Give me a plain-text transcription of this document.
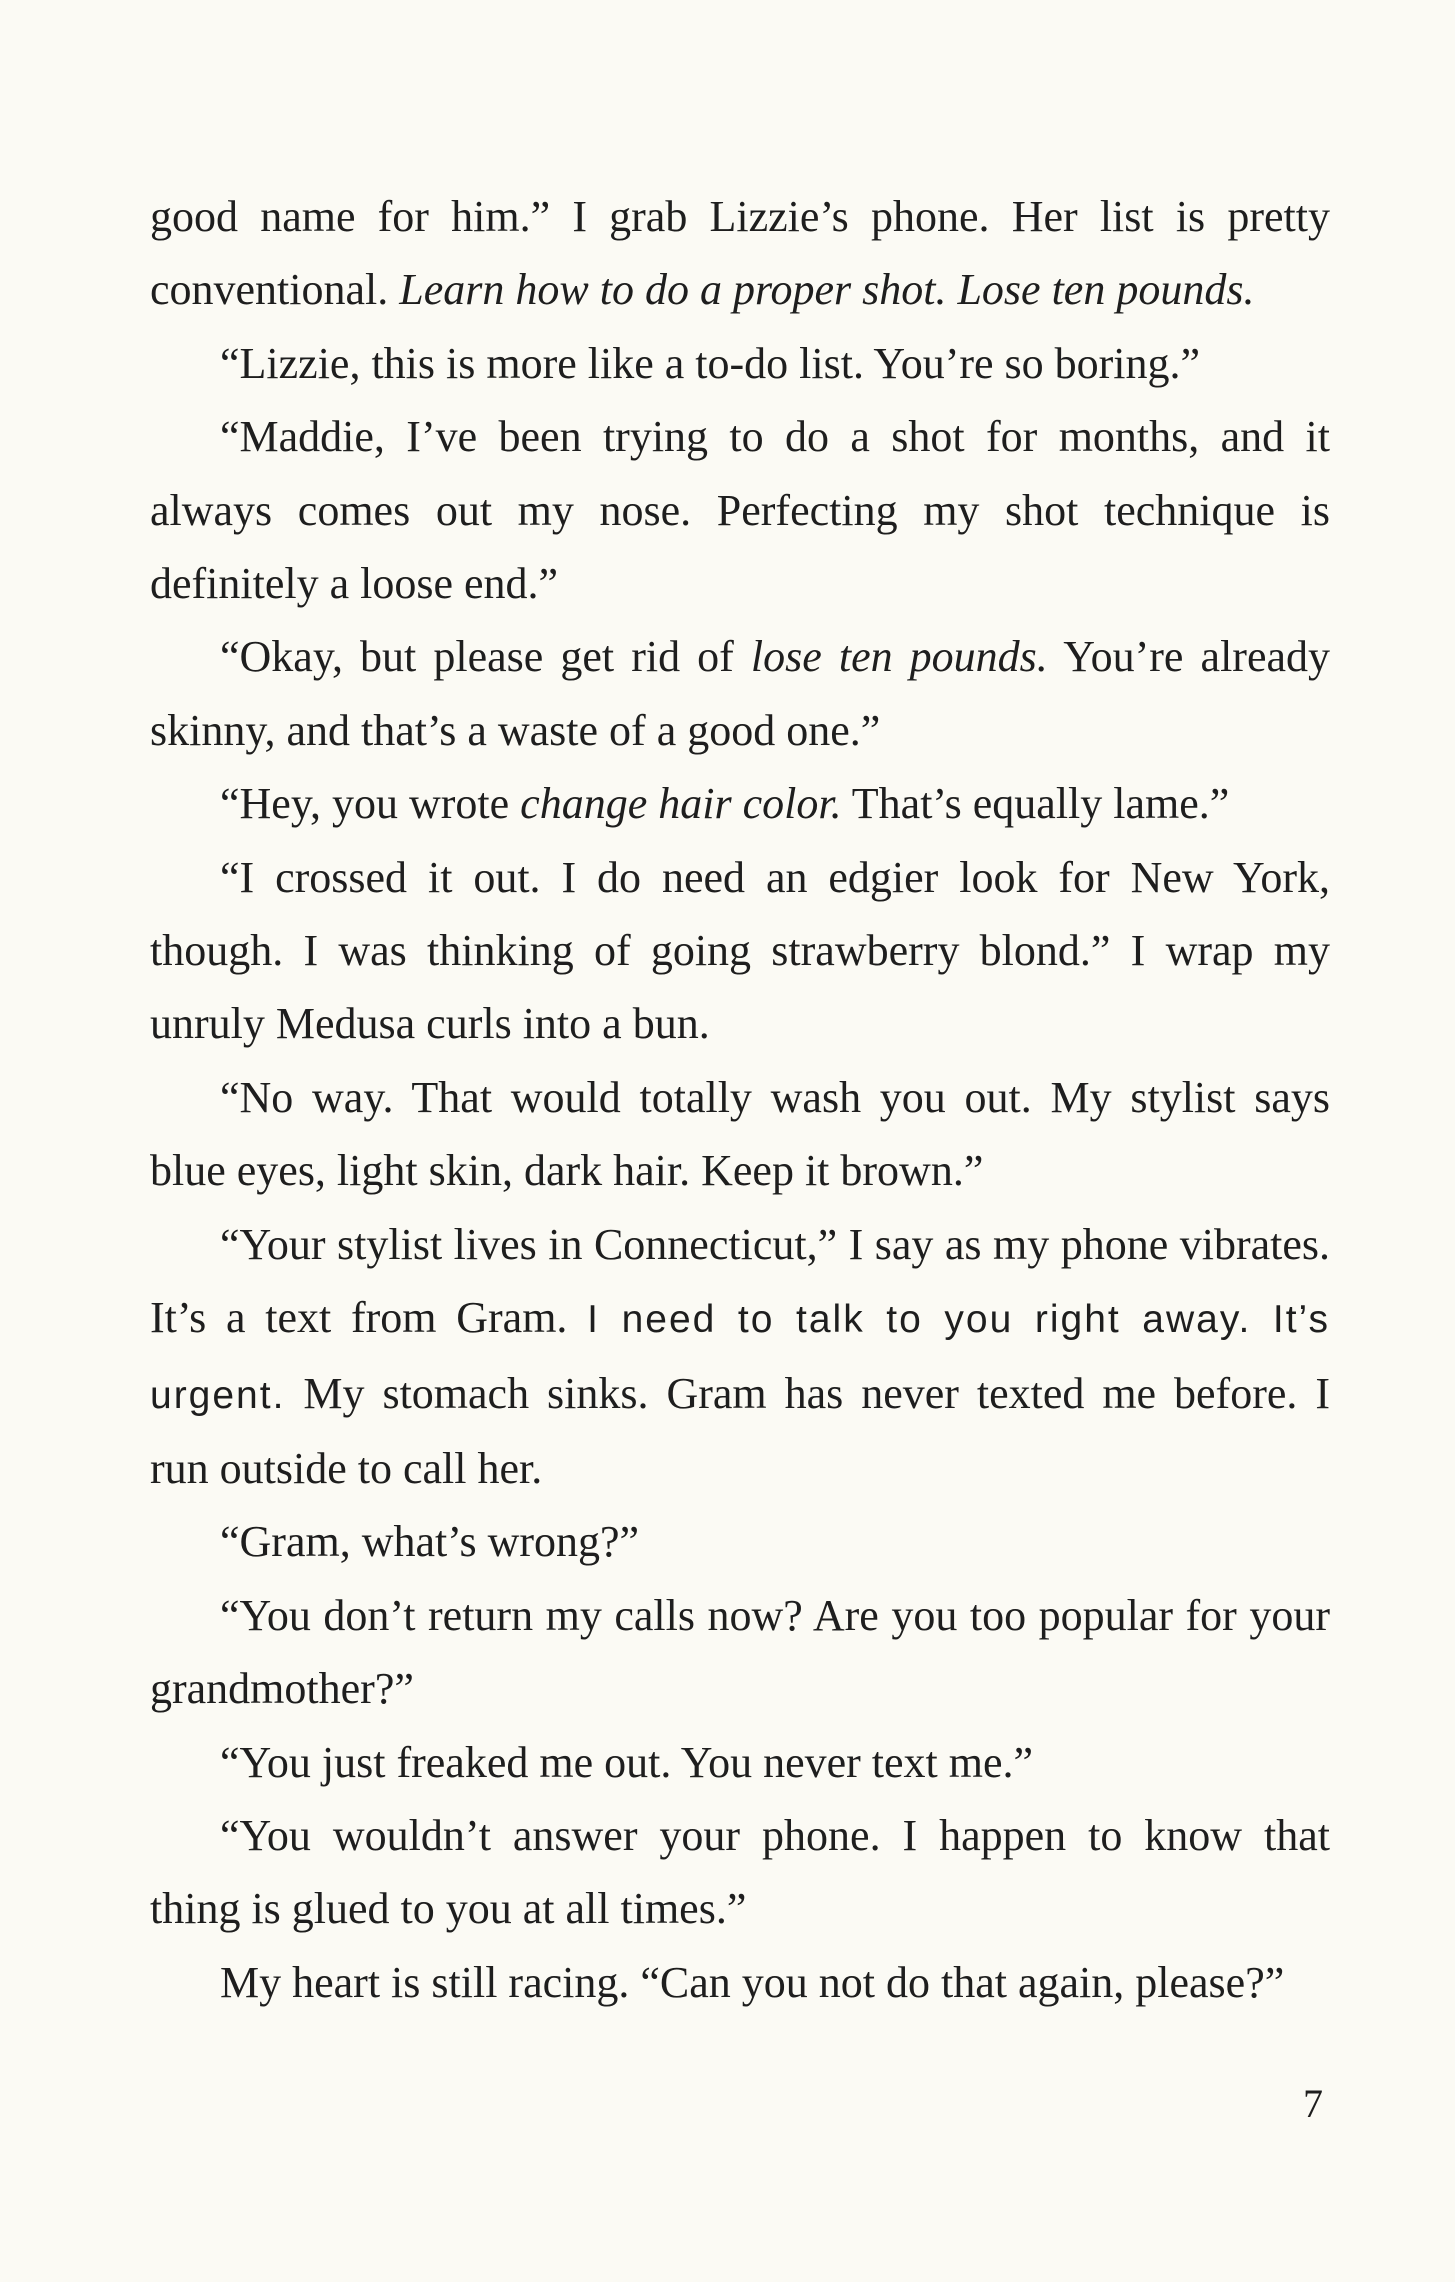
good name for him.” I grab Lizzie’s phone. Her list is pretty conventional. Learn how to do a proper shot. Lose ten pounds.

“Lizzie, this is more like a to-do list. You’re so boring.”

“Maddie, I’ve been trying to do a shot for months, and it always comes out my nose. Perfecting my shot technique is definitely a loose end.”

“Okay, but please get rid of lose ten pounds. You’re already skinny, and that’s a waste of a good one.”

“Hey, you wrote change hair color. That’s equally lame.”

“I crossed it out. I do need an edgier look for New York, though. I was thinking of going strawberry blond.” I wrap my unruly Medusa curls into a bun.

“No way. That would totally wash you out. My stylist says blue eyes, light skin, dark hair. Keep it brown.”

“Your stylist lives in Connecticut,” I say as my phone vibrates. It’s a text from Gram. I need to talk to you right away. It’s urgent. My stomach sinks. Gram has never texted me before. I run outside to call her.

“Gram, what’s wrong?”

“You don’t return my calls now? Are you too popular for your grandmother?”

“You just freaked me out. You never text me.”

“You wouldn’t answer your phone. I happen to know that thing is glued to you at all times.”

My heart is still racing. “Can you not do that again, please?”

7
